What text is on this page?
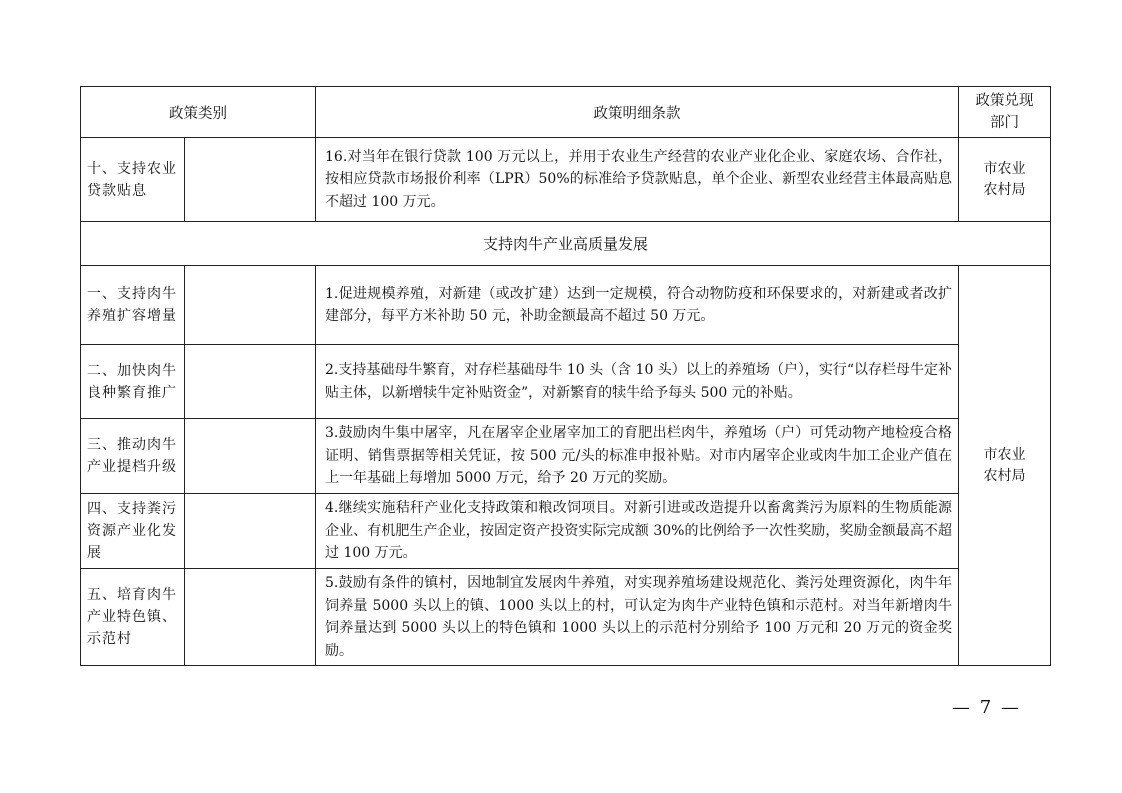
政策类别		政策明细条款	政策兑现
部门

十、支持农业贷款贴息		16.对当年在银行贷款 100 万元以上，并用于农业生产经营的农业产业化企业、家庭农场、合作社，按相应贷款市场报价利率（LPR）50%的标准给予贷款贴息，单个企业、新型农业经营主体最高贴息不超过 100 万元。	市农业
农村局

支持肉牛产业高质量发展			
一、支持肉牛养殖扩容增量		1.促进规模养殖，对新建（或改扩建）达到一定规模，符合动物防疫和环保要求的，对新建或者改扩建部分，每平方米补助 50 元，补助金额最高不超过 50 万元。	市农业
农村局

二、加快肉牛良种繁育推广		2.支持基础母牛繁育，对存栏基础母牛 10 头（含 10 头）以上的养殖场（户），实行“以存栏母牛定补贴主体，以新增犊牛定补贴资金”，对新繁育的犊牛给予每头 500 元的补贴。	
三、推动肉牛产业提档升级		3.鼓励肉牛集中屠宰，凡在屠宰企业屠宰加工的育肥出栏肉牛，养殖场（户）可凭动物产地检疫合格证明、销售票据等相关凭证，按 500 元/头的标准申报补贴。对市内屠宰企业或肉牛加工企业产值在上一年基础上每增加 5000 万元，给予 20 万元的奖励。	
四、支持粪污资源产业化发展		4.继续实施秸秆产业化支持政策和粮改饲项目。对新引进或改造提升以畜禽粪污为原料的生物质能源企业、有机肥生产企业，按固定资产投资实际完成额 30%的比例给予一次性奖励，奖励金额最高不超过 100 万元。	
五、培育肉牛产业特色镇、示范村		5.鼓励有条件的镇村，因地制宜发展肉牛养殖，对实现养殖场建设规范化、粪污处理资源化，肉牛年饲养量 5000 头以上的镇、1000 头以上的村，可认定为肉牛产业特色镇和示范村。对当年新增肉牛饲养量达到 5000 头以上的特色镇和 1000 头以上的示范村分别给予 100 万元和 20 万元的资金奖励。	
— 7 —
